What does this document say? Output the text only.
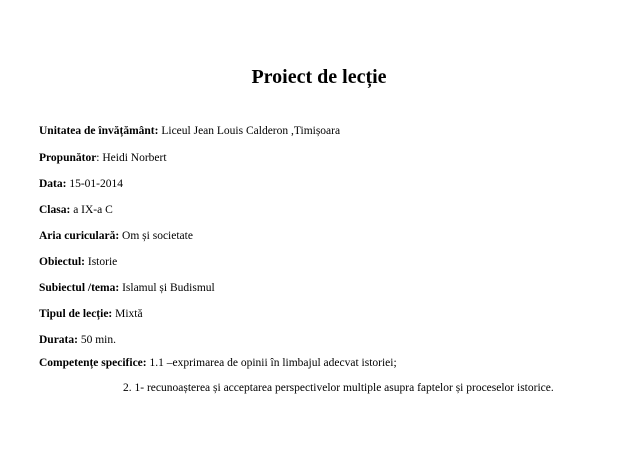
Proiect de lecție
Unitatea de învățământ: Liceul Jean Louis Calderon ,Timișoara
Propunător: Heidi Norbert
Data: 15-01-2014
Clasa: a IX-a C
Aria curiculară: Om și societate
Obiectul: Istorie
Subiectul /tema: Islamul și Budismul
Tipul de lecție: Mixtă
Durata: 50 min.
Competențe specifice: 1.1 –exprimarea de opinii în limbajul adecvat istoriei;
2. 1- recunoașterea și acceptarea perspectivelor multiple asupra faptelor și proceselor istorice.
